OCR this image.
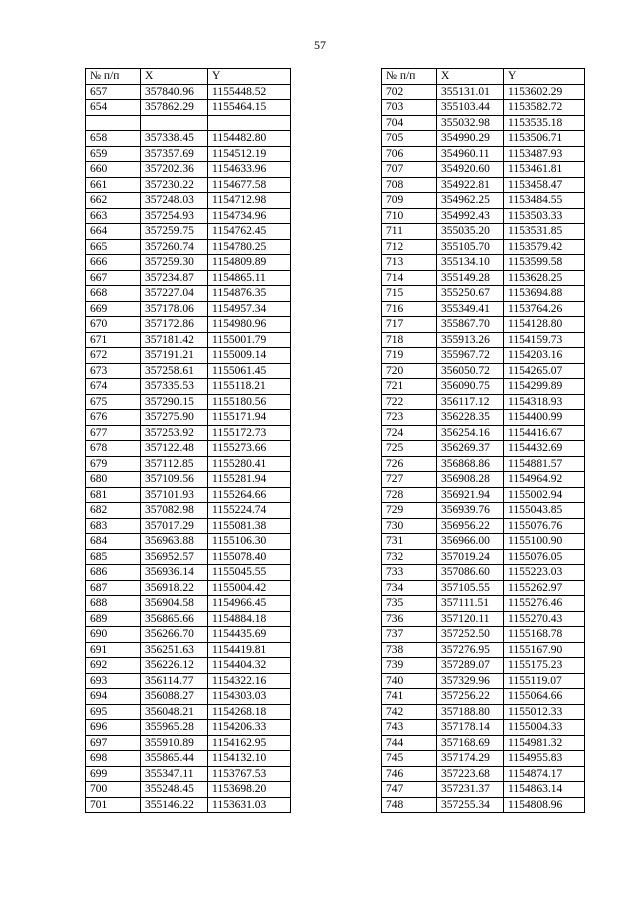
57
№ п/п	X	Y
657	357840.96	1155448.52
654	357862.29	1155464.15

658	357338.45	1154482.80
659	357357.69	1154512.19
660	357202.36	1154633.96
661	357230.22	1154677.58
662	357248.03	1154712.98
663	357254.93	1154734.96
664	357259.75	1154762.45
665	357260.74	1154780.25
666	357259.30	1154809.89
667	357234.87	1154865.11
668	357227.04	1154876.35
669	357178.06	1154957.34
670	357172.86	1154980.96
671	357181.42	1155001.79
672	357191.21	1155009.14
673	357258.61	1155061.45
674	357335.53	1155118.21
675	357290.15	1155180.56
676	357275.90	1155171.94
677	357253.92	1155172.73
678	357122.48	1155273.66
679	357112.85	1155280.41
680	357109.56	1155281.94
681	357101.93	1155264.66
682	357082.98	1155224.74
683	357017.29	1155081.38
684	356963.88	1155106.30
685	356952.57	1155078.40
686	356936.14	1155045.55
687	356918.22	1155004.42
688	356904.58	1154966.45
689	356865.66	1154884.18
690	356266.70	1154435.69
691	356251.63	1154419.81
692	356226.12	1154404.32
693	356114.77	1154322.16
694	356088.27	1154303.03
695	356048.21	1154268.18
696	355965.28	1154206.33
697	355910.89	1154162.95
698	355865.44	1154132.10
699	355347.11	1153767.53
700	355248.45	1153698.20
701	355146.22	1153631.03
№ п/п	X	Y
702	355131.01	1153602.29
703	355103.44	1153582.72
704	355032.98	1153535.18
705	354990.29	1153506.71
706	354960.11	1153487.93
707	354920.60	1153461.81
708	354922.81	1153458.47
709	354962.25	1153484.55
710	354992.43	1153503.33
711	355035.20	1153531.85
712	355105.70	1153579.42
713	355134.10	1153599.58
714	355149.28	1153628.25
715	355250.67	1153694.88
716	355349.41	1153764.26
717	355867.70	1154128.80
718	355913.26	1154159.73
719	355967.72	1154203.16
720	356050.72	1154265.07
721	356090.75	1154299.89
722	356117.12	1154318.93
723	356228.35	1154400.99
724	356254.16	1154416.67
725	356269.37	1154432.69
726	356868.86	1154881.57
727	356908.28	1154964.92
728	356921.94	1155002.94
729	356939.76	1155043.85
730	356956.22	1155076.76
731	356966.00	1155100.90
732	357019.24	1155076.05
733	357086.60	1155223.03
734	357105.55	1155262.97
735	357111.51	1155276.46
736	357120.11	1155270.43
737	357252.50	1155168.78
738	357276.95	1155167.90
739	357289.07	1155175.23
740	357329.96	1155119.07
741	357256.22	1155064.66
742	357188.80	1155012.33
743	357178.14	1155004.33
744	357168.69	1154981.32
745	357174.29	1154955.83
746	357223.68	1154874.17
747	357231.37	1154863.14
748	357255.34	1154808.96
